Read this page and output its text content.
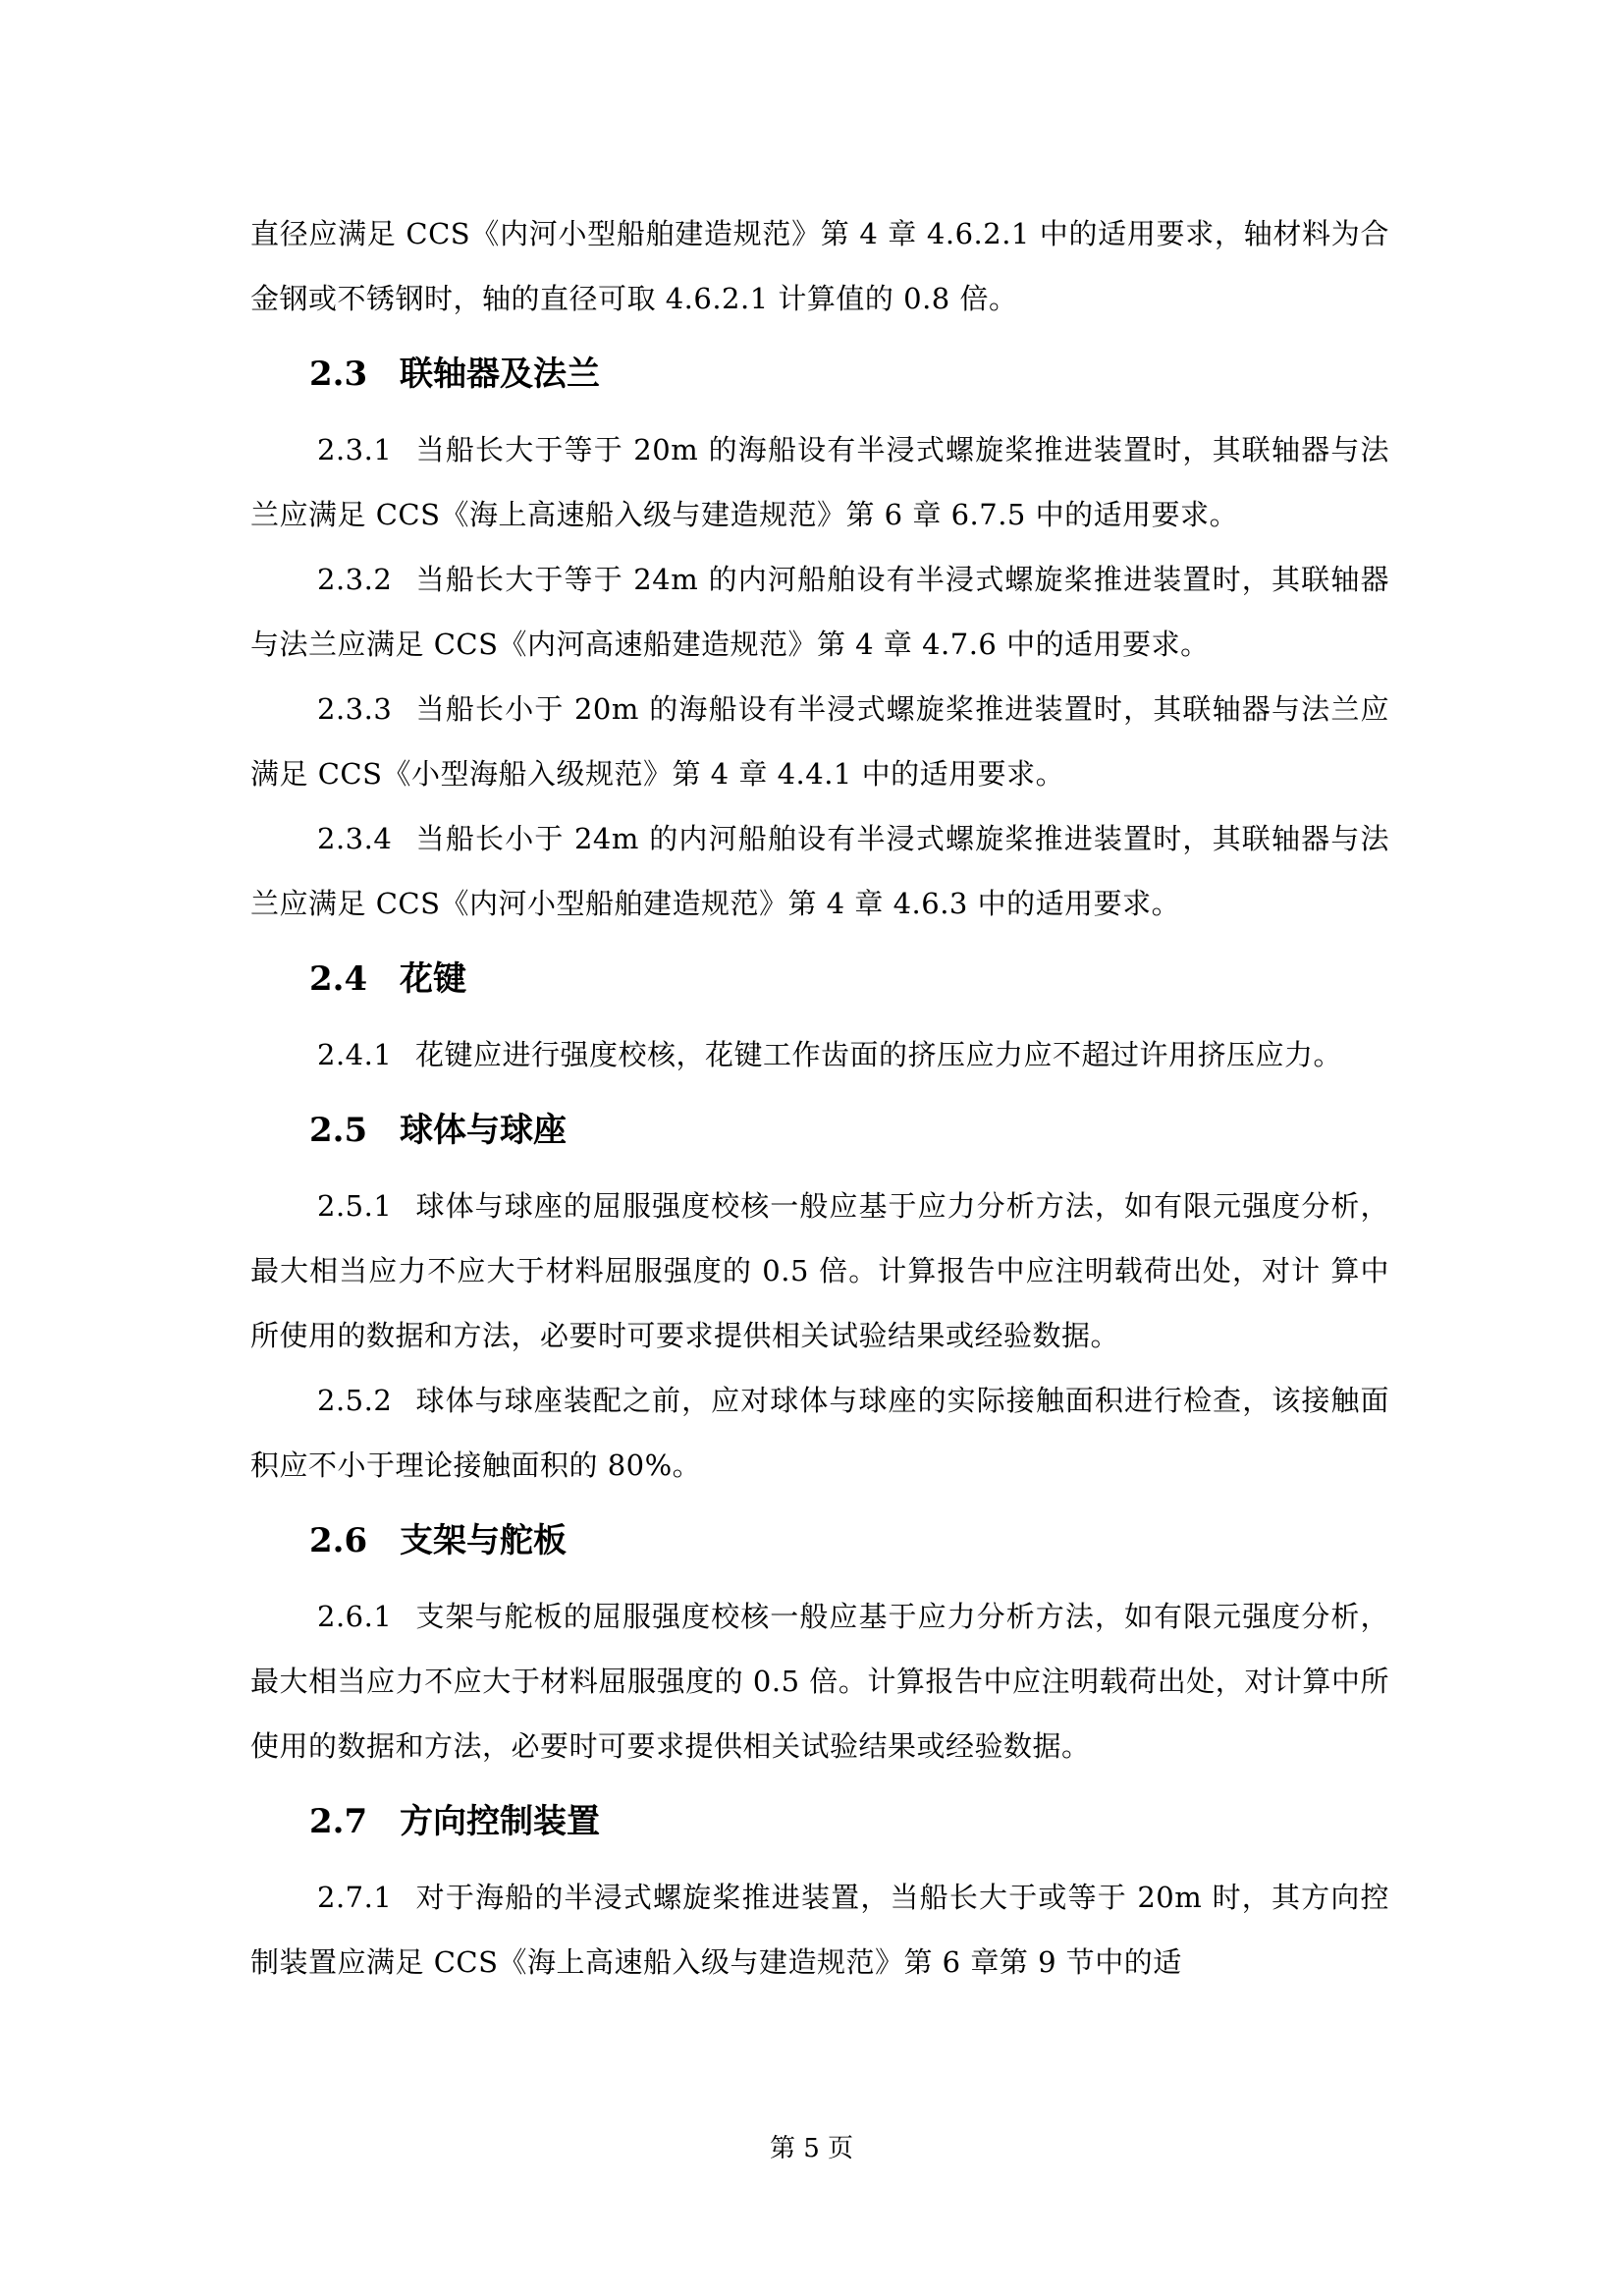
直径应满足 CCS《内河小型船舶建造规范》第 4 章 4.6.2.1 中的适用要求，轴材料为合金钢或不锈钢时，轴的直径可取 4.6.2.1 计算值的 0.8 倍。

2.3 联轴器及法兰

2.3.1 当船长大于等于 20m 的海船设有半浸式螺旋桨推进装置时，其联轴器与法兰应满足 CCS《海上高速船入级与建造规范》第 6 章 6.7.5 中的适用要求。

2.3.2 当船长大于等于 24m 的内河船舶设有半浸式螺旋桨推进装置时，其联轴器与法兰应满足 CCS《内河高速船建造规范》第 4 章 4.7.6 中的适用要求。

2.3.3 当船长小于 20m 的海船设有半浸式螺旋桨推进装置时，其联轴器与法兰应满足 CCS《小型海船入级规范》第 4 章 4.4.1 中的适用要求。

2.3.4 当船长小于 24m 的内河船舶设有半浸式螺旋桨推进装置时，其联轴器与法兰应满足 CCS《内河小型船舶建造规范》第 4 章 4.6.3 中的适用要求。

2.4 花键

2.4.1 花键应进行强度校核，花键工作齿面的挤压应力应不超过许用挤压应力。

2.5 球体与球座

2.5.1 球体与球座的屈服强度校核一般应基于应力分析方法，如有限元强度分析，最大相当应力不应大于材料屈服强度的 0.5 倍。计算报告中应注明载荷出处，对计 算中所使用的数据和方法，必要时可要求提供相关试验结果或经验数据。

2.5.2 球体与球座装配之前，应对球体与球座的实际接触面积进行检查，该接触面积应不小于理论接触面积的 80%。

2.6 支架与舵板

2.6.1 支架与舵板的屈服强度校核一般应基于应力分析方法，如有限元强度分析，最大相当应力不应大于材料屈服强度的 0.5 倍。计算报告中应注明载荷出处，对计算中所使用的数据和方法，必要时可要求提供相关试验结果或经验数据。

2.7 方向控制装置

2.7.1 对于海船的半浸式螺旋桨推进装置，当船长大于或等于 20m 时，其方向控制装置应满足 CCS《海上高速船入级与建造规范》第 6 章第 9 节中的适

第 5 页
